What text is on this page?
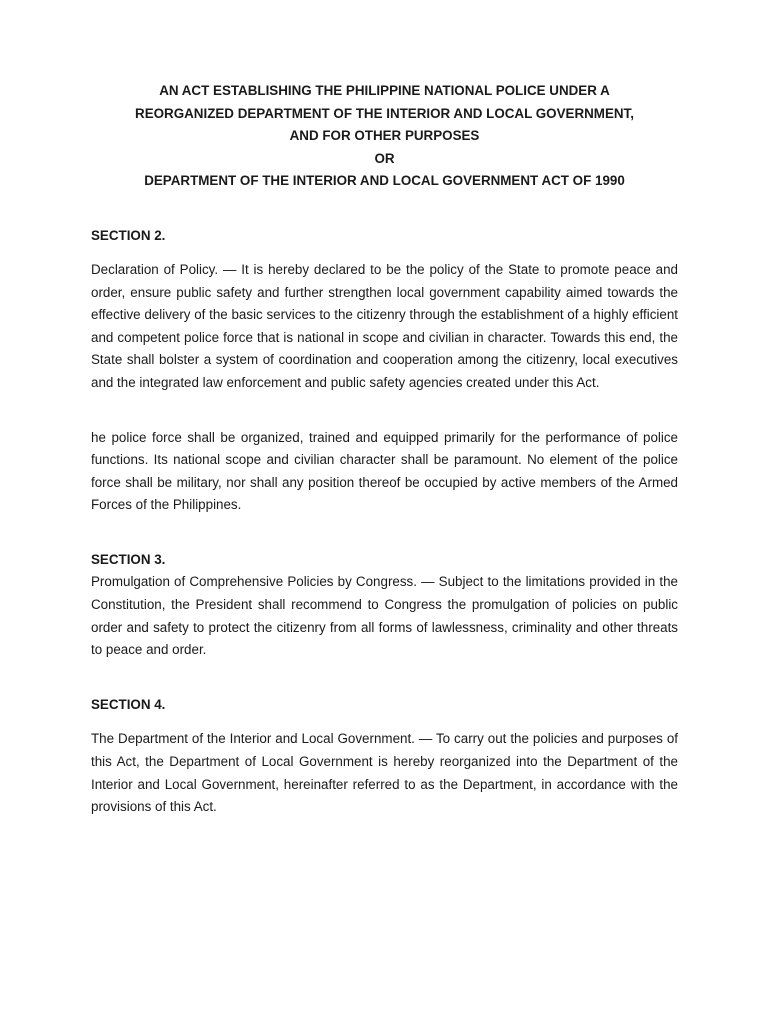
AN ACT ESTABLISHING THE PHILIPPINE NATIONAL POLICE UNDER A
REORGANIZED DEPARTMENT OF THE INTERIOR AND LOCAL GOVERNMENT,
AND FOR OTHER PURPOSES
OR
DEPARTMENT OF THE INTERIOR AND LOCAL GOVERNMENT ACT OF 1990

SECTION 2.

Declaration of Policy. — It is hereby declared to be the policy of the State to promote peace and order, ensure public safety and further strengthen local government capability aimed towards the effective delivery of the basic services to the citizenry through the establishment of a highly efficient and competent police force that is national in scope and civilian in character. Towards this end, the State shall bolster a system of coordination and cooperation among the citizenry, local executives and the integrated law enforcement and public safety agencies created under this Act.

he police force shall be organized, trained and equipped primarily for the performance of police functions. Its national scope and civilian character shall be paramount. No element of the police force shall be military, nor shall any position thereof be occupied by active members of the Armed Forces of the Philippines.

SECTION 3.

Promulgation of Comprehensive Policies by Congress. — Subject to the limitations provided in the Constitution, the President shall recommend to Congress the promulgation of policies on public order and safety to protect the citizenry from all forms of lawlessness, criminality and other threats to peace and order.

SECTION 4.

The Department of the Interior and Local Government. — To carry out the policies and purposes of this Act, the Department of Local Government is hereby reorganized into the Department of the Interior and Local Government, hereinafter referred to as the Department, in accordance with the provisions of this Act.
